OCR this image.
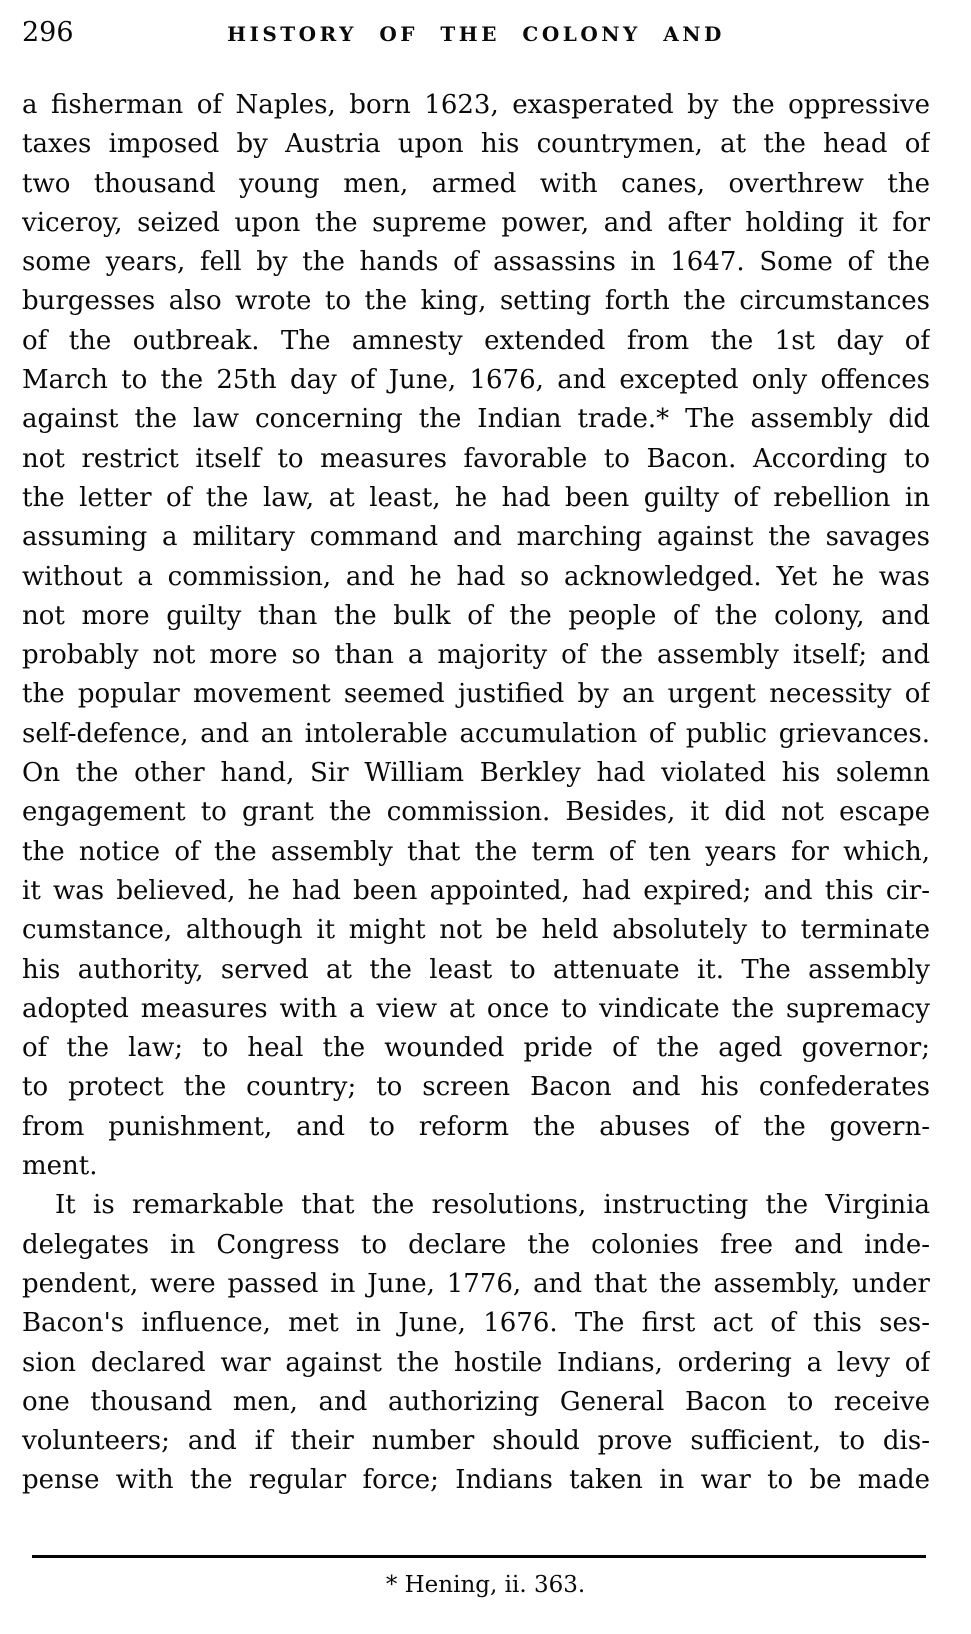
296	HISTORY OF THE COLONY AND
a fisherman of Naples, born 1623, exasperated by the oppressive
taxes imposed by Austria upon his countrymen, at the head of
two thousand young men, armed with canes, overthrew the
viceroy, seized upon the supreme power, and after holding it for
some years, fell by the hands of assassins in 1647. Some of the
burgesses also wrote to the king, setting forth the circumstances
of the outbreak. The amnesty extended from the 1st day of
March to the 25th day of June, 1676, and excepted only offences
against the law concerning the Indian trade.* The assembly did
not restrict itself to measures favorable to Bacon. According to
the letter of the law, at least, he had been guilty of rebellion in
assuming a military command and marching against the savages
without a commission, and he had so acknowledged. Yet he was
not more guilty than the bulk of the people of the colony, and
probably not more so than a majority of the assembly itself; and
the popular movement seemed justified by an urgent necessity of
self-defence, and an intolerable accumulation of public grievances.
On the other hand, Sir William Berkley had violated his solemn
engagement to grant the commission. Besides, it did not escape
the notice of the assembly that the term of ten years for which,
it was believed, he had been appointed, had expired; and this cir-
cumstance, although it might not be held absolutely to terminate
his authority, served at the least to attenuate it. The assembly
adopted measures with a view at once to vindicate the supremacy
of the law; to heal the wounded pride of the aged governor;
to protect the country; to screen Bacon and his confederates
from punishment, and to reform the abuses of the govern-
ment.
It is remarkable that the resolutions, instructing the Virginia
delegates in Congress to declare the colonies free and inde-
pendent, were passed in June, 1776, and that the assembly, under
Bacon's influence, met in June, 1676. The first act of this ses-
sion declared war against the hostile Indians, ordering a levy of
one thousand men, and authorizing General Bacon to receive
volunteers; and if their number should prove sufficient, to dis-
pense with the regular force; Indians taken in war to be made
* Hening, ii. 363.
